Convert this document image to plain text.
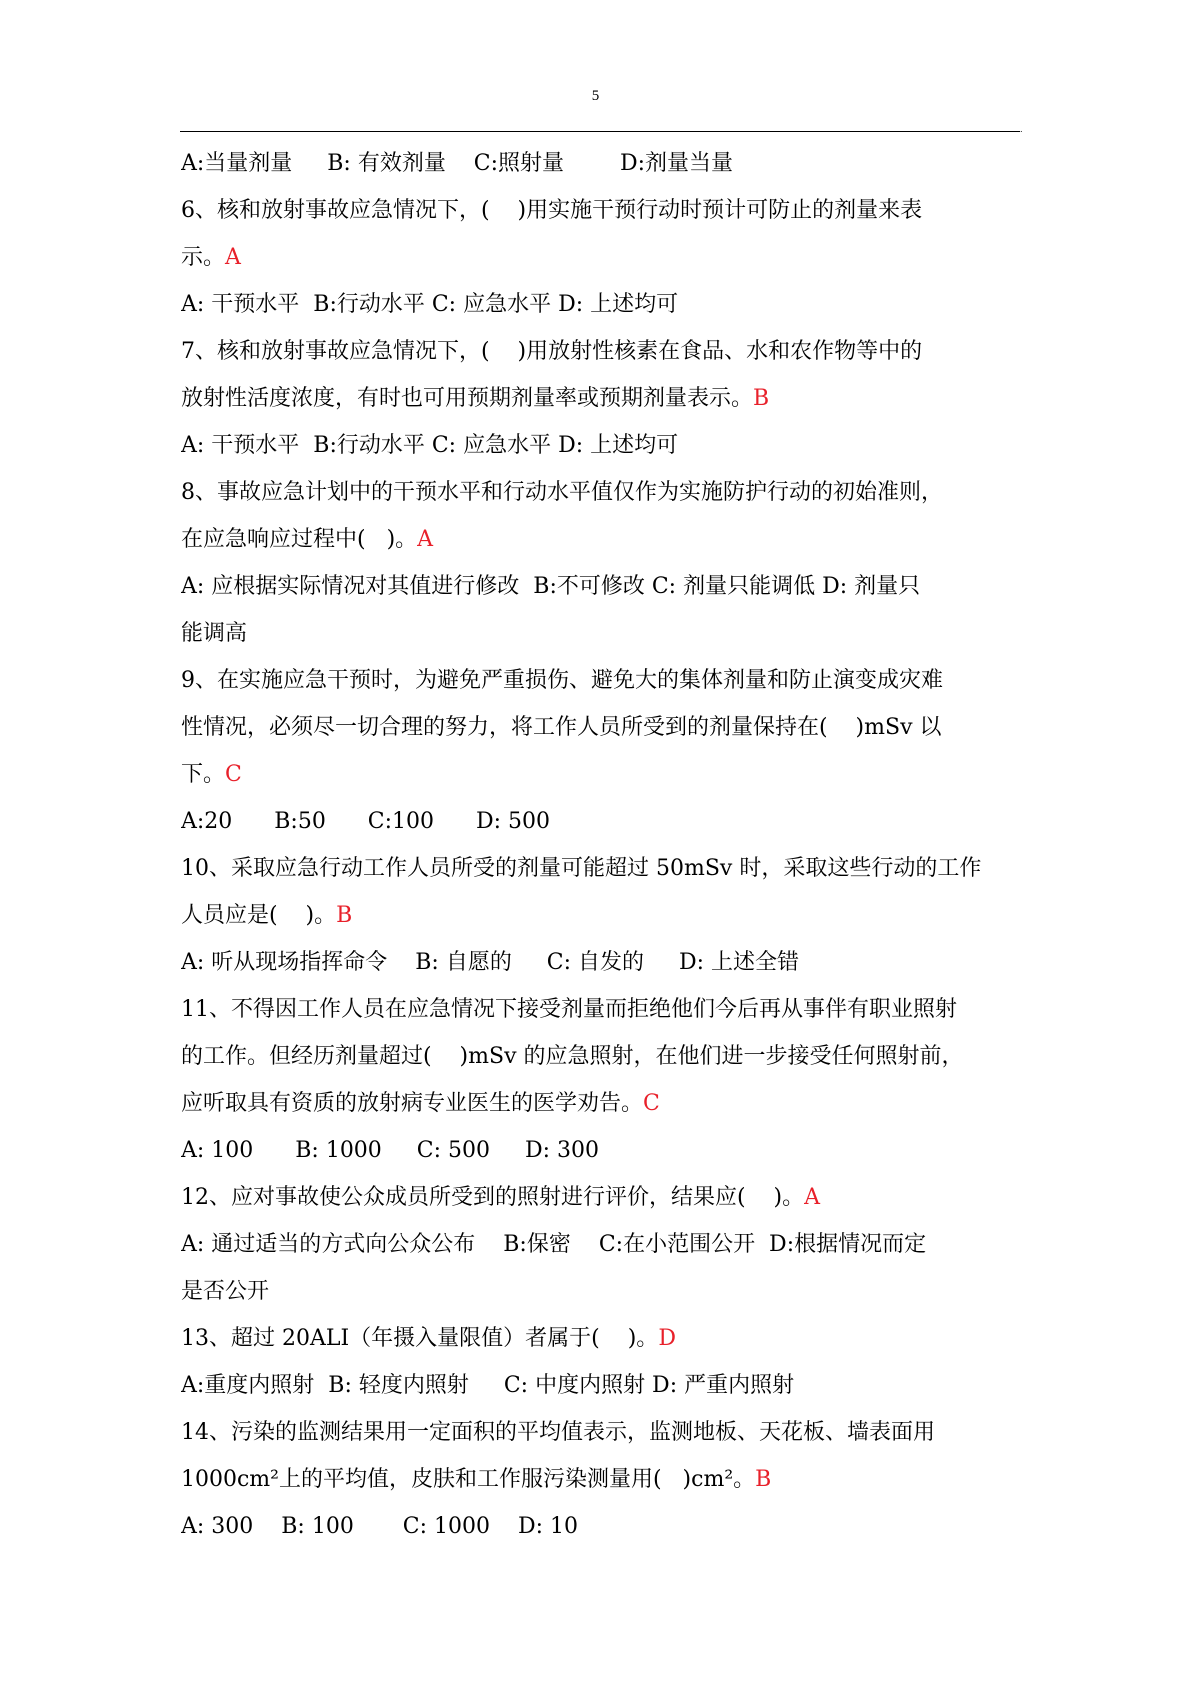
5
.
A:当量剂量     B: 有效剂量    C:照射量        D:剂量当量
6、核和放射事故应急情况下，(    )用实施干预行动时预计可防止的剂量来表
示。A
A: 干预水平  B:行动水平 C: 应急水平 D: 上述均可
7、核和放射事故应急情况下，(    )用放射性核素在食品、水和农作物等中的
放射性活度浓度，有时也可用预期剂量率或预期剂量表示。B
A: 干预水平  B:行动水平 C: 应急水平 D: 上述均可
8、事故应急计划中的干预水平和行动水平值仅作为实施防护行动的初始准则，
在应急响应过程中(   )。A
A: 应根据实际情况对其值进行修改  B:不可修改 C: 剂量只能调低 D: 剂量只
能调高
9、在实施应急干预时，为避免严重损伤、避免大的集体剂量和防止演变成灾难
性情况，必须尽一切合理的努力，将工作人员所受到的剂量保持在(    )mSv 以
下。C
A:20      B:50      C:100      D: 500
10、采取应急行动工作人员所受的剂量可能超过 50mSv 时，采取这些行动的工作
人员应是(    )。B
A: 听从现场指挥命令    B: 自愿的     C: 自发的     D: 上述全错
11、不得因工作人员在应急情况下接受剂量而拒绝他们今后再从事伴有职业照射
的工作。但经历剂量超过(    )mSv 的应急照射，在他们进一步接受任何照射前，
应听取具有资质的放射病专业医生的医学劝告。C
A: 100      B: 1000     C: 500     D: 300
12、应对事故使公众成员所受到的照射进行评价，结果应(    )。A
A: 通过适当的方式向公众公布    B:保密    C:在小范围公开  D:根据情况而定
是否公开
13、超过 20ALI（年摄入量限值）者属于(    )。D
A:重度内照射  B: 轻度内照射     C: 中度内照射 D: 严重内照射
14、污染的监测结果用一定面积的平均值表示，监测地板、天花板、墙表面用
1000cm²上的平均值，皮肤和工作服污染测量用(   )cm²。B
A: 300    B: 100       C: 1000    D: 10
